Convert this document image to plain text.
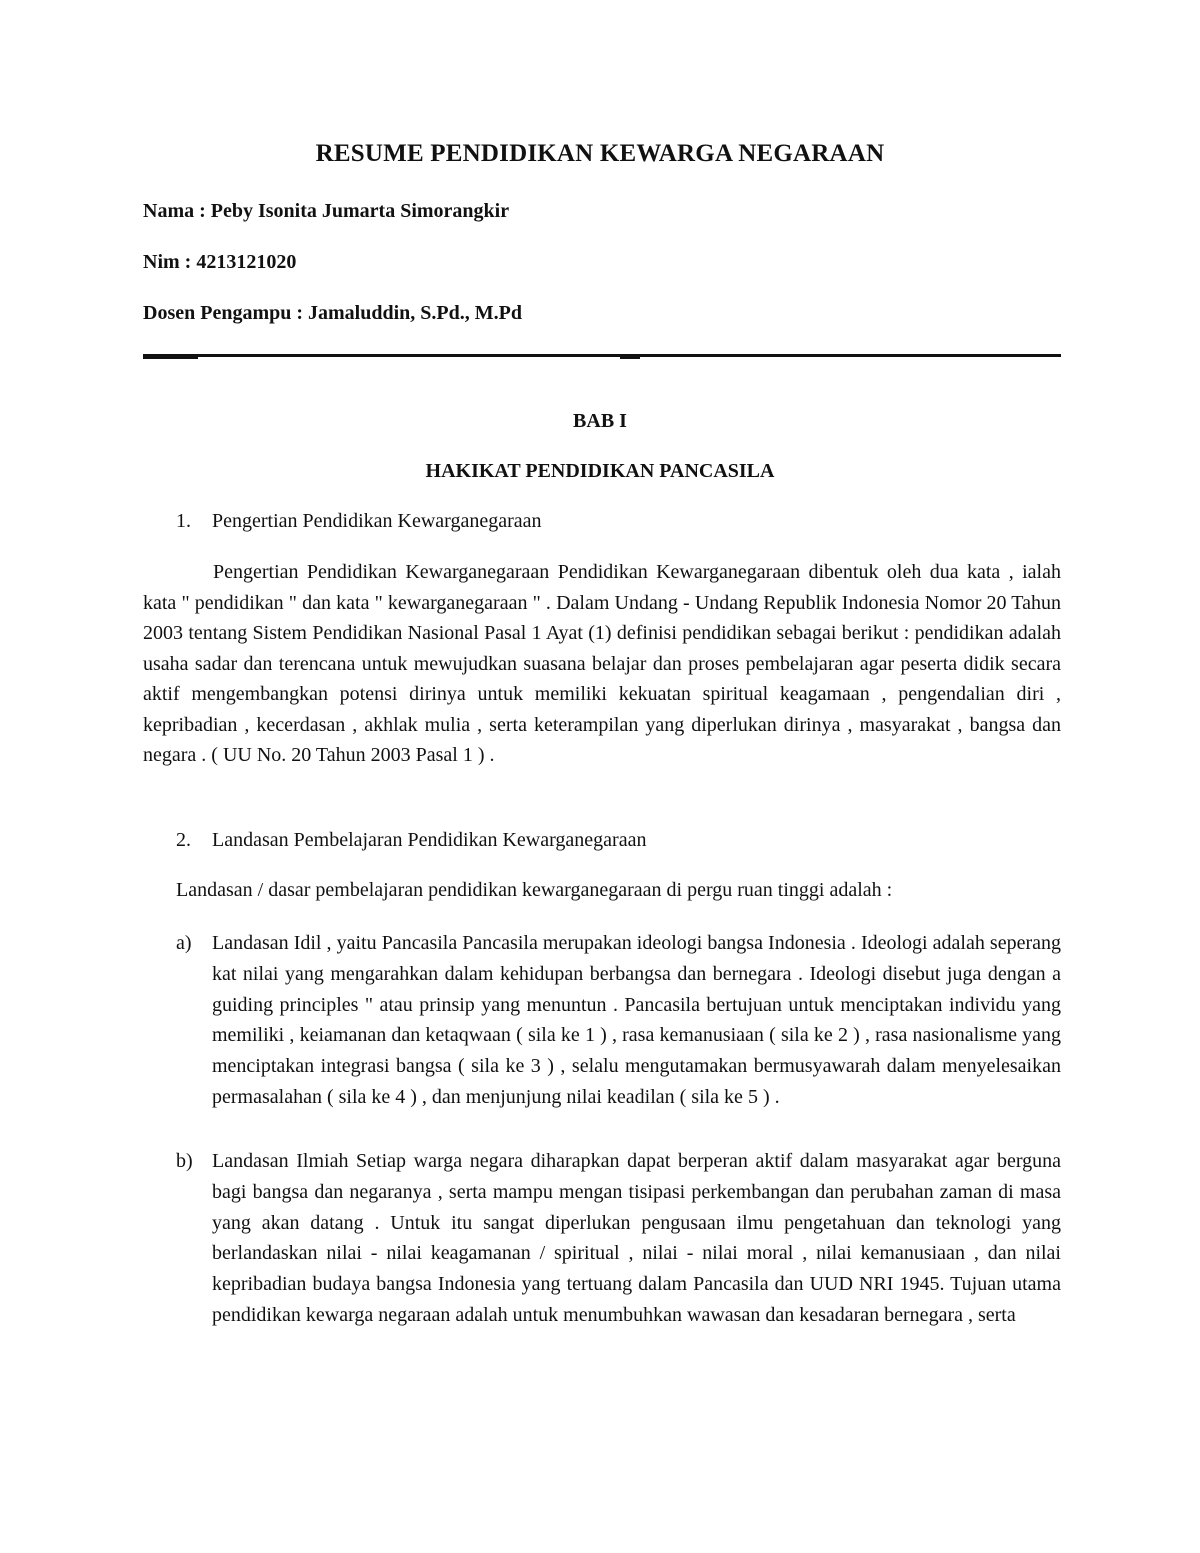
RESUME PENDIDIKAN KEWARGA NEGARAAN
Nama : Peby Isonita Jumarta Simorangkir
Nim : 4213121020
Dosen Pengampu : Jamaluddin, S.Pd., M.Pd
BAB I
HAKIKAT PENDIDIKAN PANCASILA
1. Pengertian Pendidikan Kewarganegaraan

Pengertian Pendidikan Kewarganegaraan Pendidikan Kewarganegaraan dibentuk oleh dua kata , ialah kata " pendidikan " dan kata " kewarganegaraan " . Dalam Undang - Undang Republik Indonesia Nomor 20 Tahun 2003 tentang Sistem Pendidikan Nasional Pasal 1 Ayat (1) definisi pendidikan sebagai berikut : pendidikan adalah usaha sadar dan terencana untuk mewujudkan suasana belajar dan proses pembelajaran agar peserta didik secara aktif mengembangkan potensi dirinya untuk memiliki kekuatan spiritual keagamaan , pengendalian diri , kepribadian , kecerdasan , akhlak mulia , serta keterampilan yang diperlukan dirinya , masyarakat , bangsa dan negara . ( UU No. 20 Tahun 2003 Pasal 1 ) .

2. Landasan Pembelajaran Pendidikan Kewarganegaraan
Landasan / dasar pembelajaran pendidikan kewarganegaraan di pergu ruan tinggi adalah :
a) Landasan Idil , yaitu Pancasila Pancasila merupakan ideologi bangsa Indonesia . Ideologi adalah seperang kat nilai yang mengarahkan dalam kehidupan berbangsa dan bernegara . Ideologi disebut juga dengan a guiding principles " atau prinsip yang menuntun . Pancasila bertujuan untuk menciptakan individu yang memiliki , keiamanan dan ketaqwaan ( sila ke 1 ) , rasa kemanusiaan ( sila ke 2 ) , rasa nasionalisme yang menciptakan integrasi bangsa ( sila ke 3 ) , selalu mengutamakan bermusyawarah dalam menyelesaikan permasalahan ( sila ke 4 ) , dan menjunjung nilai keadilan ( sila ke 5 ) .
b) Landasan Ilmiah Setiap warga negara diharapkan dapat berperan aktif dalam masyarakat agar berguna bagi bangsa dan negaranya , serta mampu mengan tisipasi perkembangan dan perubahan zaman di masa yang akan datang . Untuk itu sangat diperlukan pengusaan ilmu pengetahuan dan teknologi yang berlandaskan nilai - nilai keagamanan / spiritual , nilai - nilai moral , nilai kemanusiaan , dan nilai kepribadian budaya bangsa Indonesia yang tertuang dalam Pancasila dan UUD NRI 1945. Tujuan utama pendidikan kewarga negaraan adalah untuk menumbuhkan wawasan dan kesadaran bernegara , serta
